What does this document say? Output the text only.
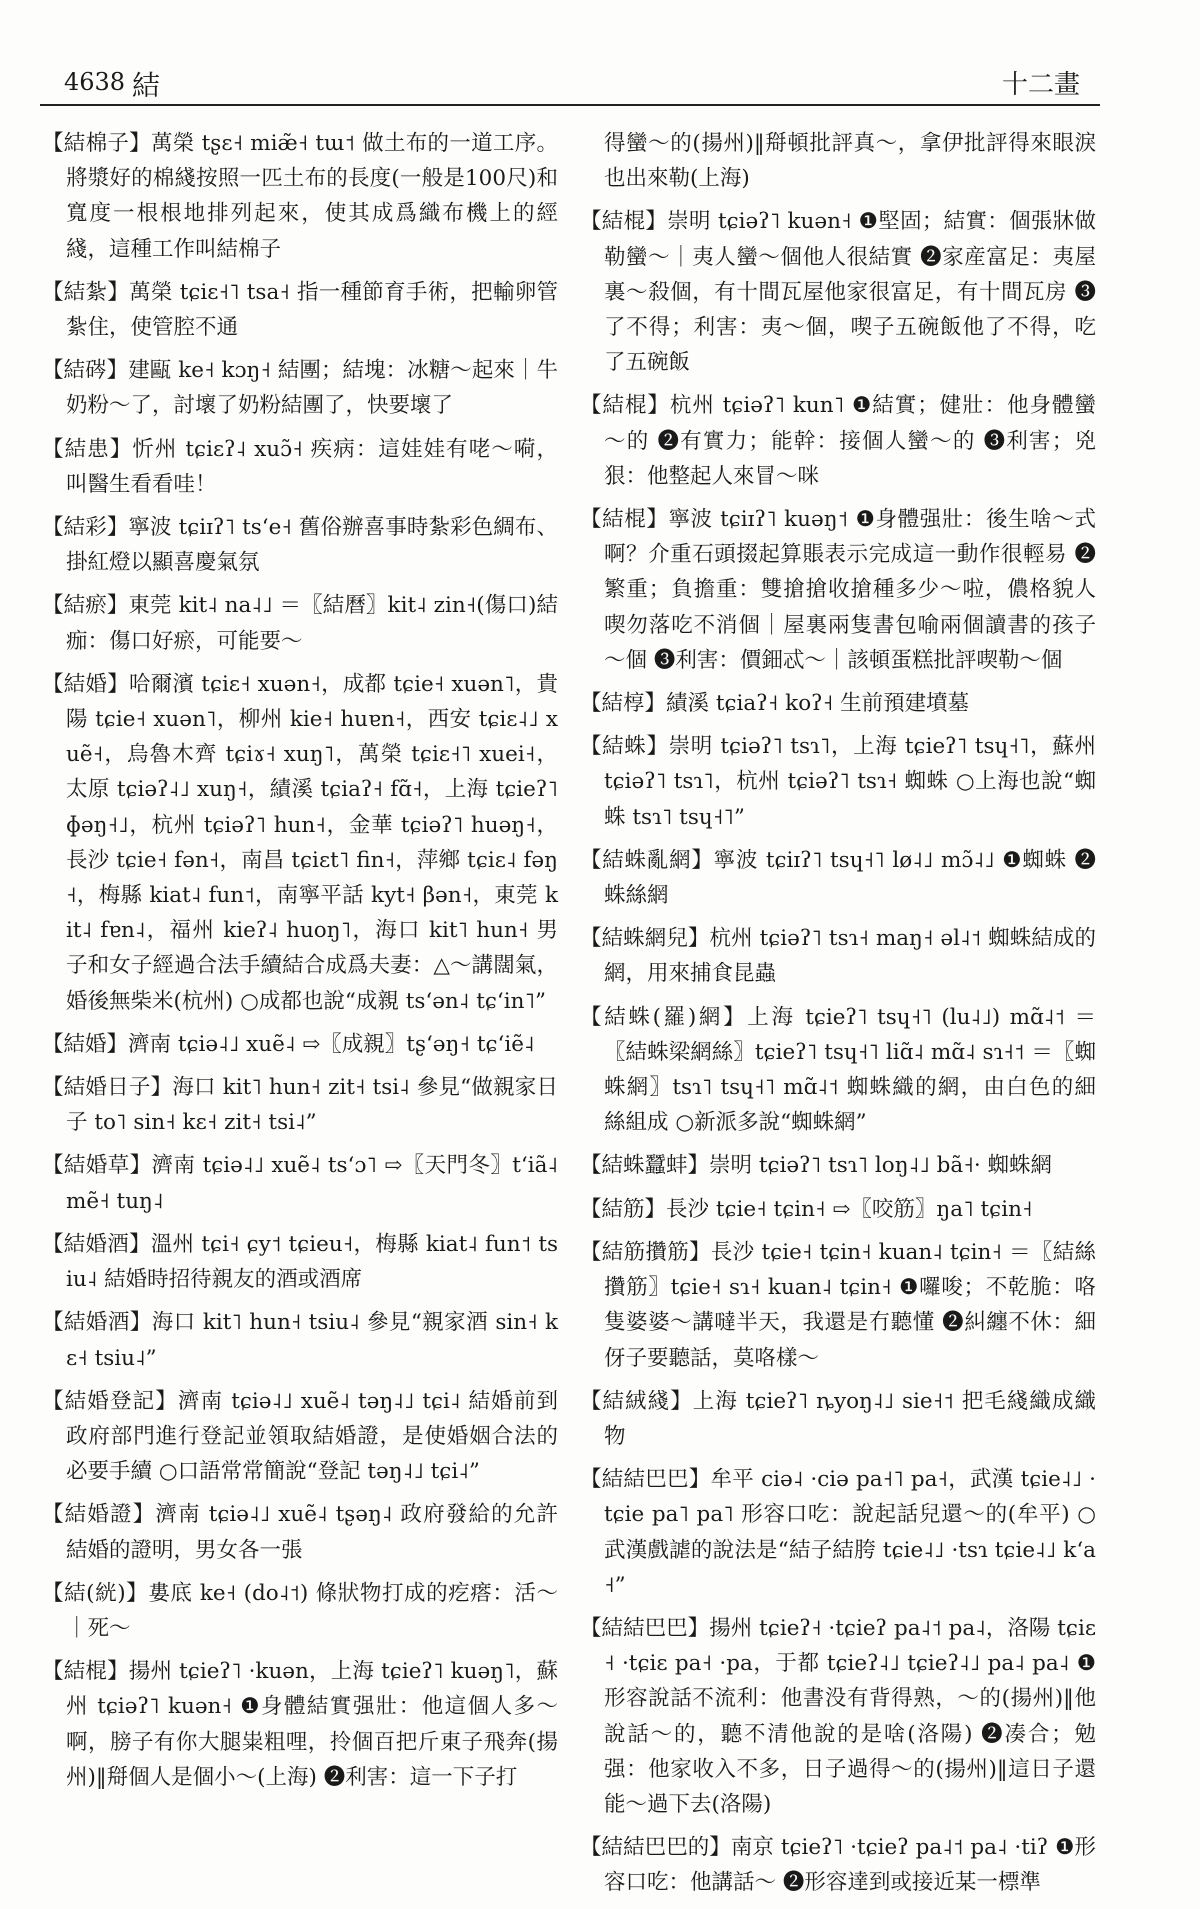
4638 結	十二畫

【結棉子】萬榮 tʂɛ˧ miæ̃˧ tɯ˦ 做土布的一道工序。將漿好的棉綫按照一匹土布的長度(一般是100尺)和寬度一根根地排列起來，使其成爲織布機上的經綫，這種工作叫結棉子

【結紮】萬榮 tɕiɛ˧˥ tsa˧ 指一種節育手術，把輸卵管紮住，使管腔不通

【結硶】建甌 ke˧ kɔŋ˧ 結團；結塊：冰糖～起來｜牛奶粉～了，討壞了奶粉結團了，快要壞了

【結患】忻州 tɕiɛʔ˨ xuɔ̃˧ 疾病：這娃娃有咾～嗬，叫醫生看看哇！

【結彩】寧波 tɕiɪʔ˥ tsʻe˧ 舊俗辦喜事時紮彩色綢布、掛紅燈以顯喜慶氣氛

【結瘀】東莞 kit˨ na˨˩ ＝〖結曆〗kit˨ zin˧(傷口)結痂：傷口好瘀，可能要～

【結婚】哈爾濱 tɕiɛ˧ xuən˧，成都 tɕie˧ xuən˥，貴陽 tɕie˧ xuən˥，柳州 kie˧ huɐn˧，西安 tɕiɛ˨˩ xuẽ˧，烏魯木齊 tɕiɤ˧ xuŋ˥，萬榮 tɕiɛ˧˥ xuei˧，太原 tɕiəʔ˨˩ xuŋ˧，績溪 tɕiaʔ˧ fɑ̃˧，上海 tɕieʔ˥ ɸəŋ˧˩，杭州 tɕiəʔ˥ hun˧，金華 tɕiəʔ˥ huəŋ˧，長沙 tɕie˧ fən˧，南昌 tɕiɛt˥ fin˧，萍鄉 tɕiɛ˨ fəŋ˧，梅縣 kiat˨ fun˦，南寧平話 kyt˧ βən˧，東莞 kit˨ fɐn˨，福州 kieʔ˨ huoŋ˥，海口 kit˥ hun˧ 男子和女子經過合法手續結合成爲夫妻：△～講闊氣，婚後無柴米(杭州) ○成都也說“成親 tsʻən˨ tɕʻin˥”

【結婚】濟南 tɕiə˨˩ xuẽ˨ ⇨〖成親〗tʂʻəŋ˧ tɕʻiẽ˨

【結婚日子】海口 kit˥ hun˧ zit˧ tsi˨ 參見“做親家日子 to˥ sin˧ kɛ˧ zit˧ tsi˨”

【結婚草】濟南 tɕiə˨˩ xuẽ˨ tsʻɔ˥ ⇨〖天門冬〗tʻiã˨ mẽ˧ tuŋ˨

【結婚酒】溫州 tɕi˧ ɕy˦ tɕieu˧，梅縣 kiat˨ fun˦ tsiu˨ 結婚時招待親友的酒或酒席

【結婚酒】海口 kit˥ hun˧ tsiu˨ 參見“親家酒 sin˧ kɛ˧ tsiu˨”

【結婚登記】濟南 tɕiə˨˩ xuẽ˨ təŋ˨˩ tɕi˨ 結婚前到政府部門進行登記並領取結婚證，是使婚姻合法的必要手續 ○口語常常簡說“登記 təŋ˨˩ tɕi˨”

【結婚證】濟南 tɕiə˨˩ xuẽ˨ tʂəŋ˨ 政府發給的允許結婚的證明，男女各一張

【結(絖)】婁底 ke˧ (do˨˦) 條狀物打成的疙瘩：活～｜死～

【結棍】揚州 tɕieʔ˥ ·kuən，上海 tɕieʔ˥ kuəŋ˥，蘇州 tɕiəʔ˥ kuən˧ ❶身體結實强壯：他這個人多～啊，膀子有你大腿粜粗哩，拎個百把斤東子飛奔(揚州)‖搿個人是個小～(上海) ❷利害：這一下子打

得蠻～的(揚州)‖搿頓批評真～，拿伊批評得來眼淚也出來勒(上海)

【結棍】崇明 tɕiəʔ˥ kuən˧ ❶堅固；結實：個張牀做勒蠻～｜夷人蠻～個他人很結實 ❷家産富足：夷屋裏～殺個，有十間瓦屋他家很富足，有十間瓦房 ❸了不得；利害：夷～個，喫子五碗飯他了不得，吃了五碗飯

【結棍】杭州 tɕiəʔ˥ kun˥ ❶結實；健壯：他身體蠻～的 ❷有實力；能幹：接個人蠻～的 ❸利害；兇狠：他整起人來冒～咪

【結棍】寧波 tɕiɪʔ˥ kuəŋ˦ ❶身體强壯：後生啥～式啊？介重石頭掇起算賬表示完成這一動作很輕易 ❷繁重；負擔重：雙搶搶收搶種多少～啦，儂格貌人喫勿落吃不消個｜屋裏兩隻書包喻兩個讀書的孩子～個 ❸利害：價鈿忒～｜該頓蛋糕批評喫勒～個

【結椁】績溪 tɕiaʔ˧ koʔ˧ 生前預建墳墓

【結蛛】崇明 tɕiəʔ˥ tsɿ˥，上海 tɕieʔ˥ tsɥ˧˥，蘇州 tɕiəʔ˥ tsɿ˥，杭州 tɕiəʔ˥ tsɿ˧ 蜘蛛 ○上海也說“蜘蛛 tsɿ˥ tsɥ˧˥”

【結蛛亂網】寧波 tɕiɪʔ˥ tsɥ˧˥ lø˨˩ mɔ̃˨˩ ❶蜘蛛 ❷蛛絲網

【結蛛網兒】杭州 tɕiəʔ˥ tsɿ˧ maŋ˧ əl˨˦ 蜘蛛結成的網，用來捕食昆蟲

【結蛛(羅)網】上海 tɕieʔ˥ tsɥ˧˥ (lu˨˩) mɑ̃˨˦ ＝〖結蛛梁網絲〗tɕieʔ˥ tsɥ˧˥ liɑ̃˨ mɑ̃˨ sɿ˧˦ ＝〖蜘蛛網〗tsɿ˥ tsɥ˧˥ mɑ̃˨˦ 蜘蛛織的網，由白色的細絲組成 ○新派多說“蜘蛛網”

【結蛛蠶蚌】崇明 tɕiəʔ˥ tsɿ˥ loŋ˨˩ bã˧· 蜘蛛網

【結筋】長沙 tɕie˧ tɕin˧ ⇨〖咬筋〗ŋa˥ tɕin˧

【結筋攢筋】長沙 tɕie˧ tɕin˧ kuan˨ tɕin˧ ＝〖結絲攢筋〗tɕie˧ sɿ˧ kuan˨ tɕin˧ ❶囉唆；不乾脆：咯隻婆婆～講噠半天，我還是冇聽懂 ❷糾纏不休：細伢子要聽話，莫咯樣～

【結絨綫】上海 tɕieʔ˥ ȵyoŋ˨˩ sie˧˦ 把毛綫織成織物

【結結巴巴】牟平 ciə˨ ·ciə pa˧˥ pa˧，武漢 tɕie˨˩ ·tɕie pa˥ pa˥ 形容口吃：說起話兒還～的(牟平) ○武漢戲謔的說法是“結子結胯 tɕie˨˩ ·tsɿ tɕie˨˩ kʻa˧”

【結結巴巴】揚州 tɕieʔ˧ ·tɕieʔ pa˨˦ pa˨，洛陽 tɕiɛ˧ ·tɕiɛ pa˧ ·pa，于都 tɕieʔ˨˩ tɕieʔ˨˩ pa˨ pa˨ ❶形容說話不流利：他書没有背得熟，～的(揚州)‖他說話～的，聽不清他說的是啥(洛陽) ❷凑合；勉强：他家收入不多，日子過得～的(揚州)‖這日子還能～過下去(洛陽)

【結結巴巴的】南京 tɕieʔ˥ ·tɕieʔ pa˨˦ pa˨ ·tiʔ ❶形容口吃：他講話～ ❷形容達到或接近某一標準
